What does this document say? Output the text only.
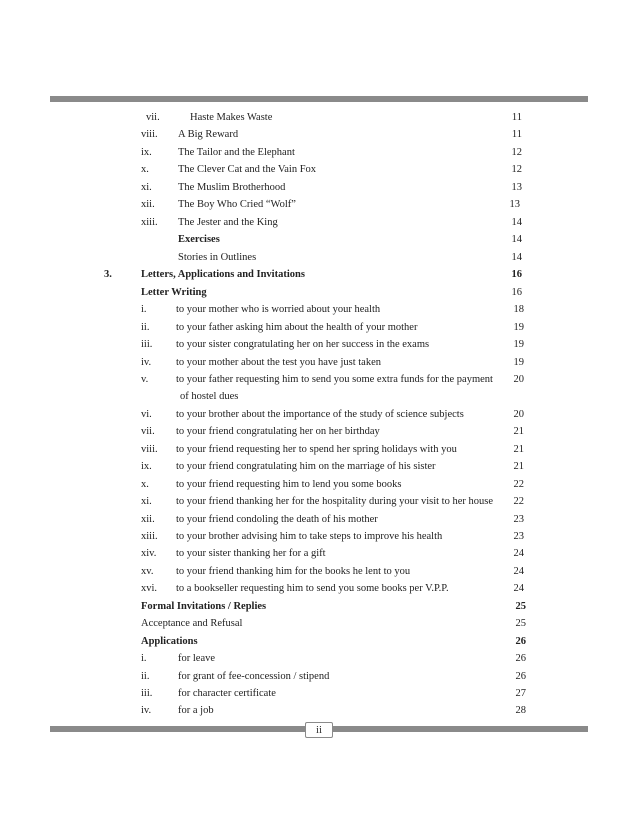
vii.	Haste Makes Waste	11
viii. A Big Reward	11
ix. The Tailor and the Elephant	12
x.	The Clever Cat and the Vain Fox	12
xi. The Muslim Brotherhood	13
xii. The Boy Who Cried “Wolf”	13
xiii. The Jester and the King	14
Exercises	14
Stories in Outlines	14
3.	Letters, Applications and Invitations	16
Letter Writing	16
i.	to your mother who is worried about your health	18
ii.	to your father asking him about the health of your mother	19
iii. to your sister congratulating her on her success in the exams	19
iv. to your mother about the test you have just taken	19
v.	to your father requesting him to send you some extra funds for the payment	20
of hostel dues
vi. to your brother about the importance of the study of science subjects	20
vii. to your friend congratulating her on her birthday	21
viii. to your friend requesting her to spend her spring holidays with you	21
ix. to your friend congratulating him on the marriage of his sister	21
x.	to your friend requesting him to lend you some books	22
xi. to your friend thanking her for the hospitality during your visit to her house	22
xii. to your friend condoling the death of his mother	23
xiii. to your brother advising him to take steps to improve his health	23
xiv. to your sister thanking her for a gift	24
xv. to your friend thanking him for the books he lent to you	24
xvi. to a bookseller requesting him to send you some books per V.P.P.	24
Formal Invitations / Replies	25
Acceptance and Refusal	25
Applications	26
i.	for leave	26
ii.	for grant of fee-concession / stipend	26
iii. for character certificate	27
iv.	for a job	28
ii
